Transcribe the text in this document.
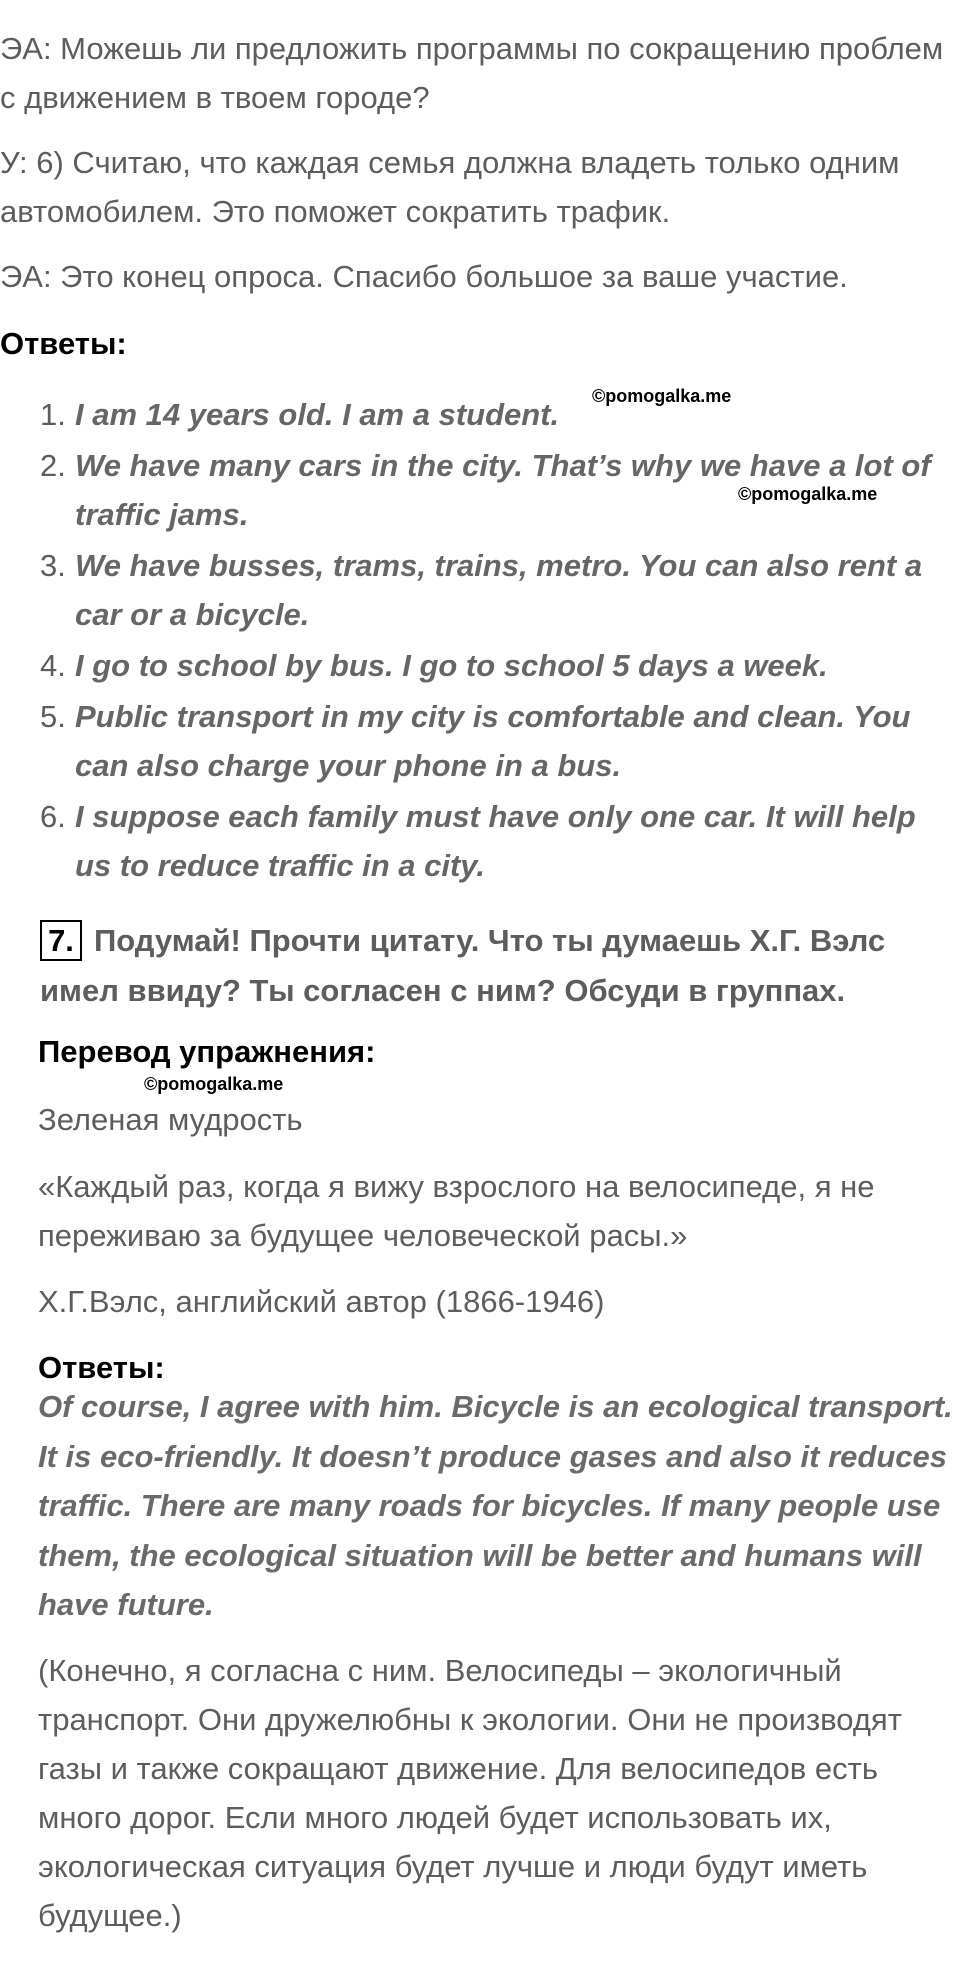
ЭА: Можешь ли предложить программы по сокращению проблем с движением в твоем городе?

У: 6) Считаю, что каждая семья должна владеть только одним автомобилем. Это поможет сократить трафик.

ЭА: Это конец опроса. Спасибо большое за ваше участие.

Ответы:
1. I am 14 years old. I am a student.
2. We have many cars in the city. That’s why we have a lot of traffic jams.
3. We have busses, trams, trains, metro. You can also rent a car or a bicycle.
4. I go to school by bus. I go to school 5 days a week.
5. Public transport in my city is comfortable and clean. You can also charge your phone in a bus.
6. I suppose each family must have only one car. It will help us to reduce traffic in a city.
©pomogalka.me
©pomogalka.me
7. Подумай! Прочти цитату. Что ты думаешь Х.Г. Вэлс имел ввиду? Ты согласен с ним? Обсуди в группах.
Перевод упражнения:
©pomogalka.me

Зеленая мудрость

«Каждый раз, когда я вижу взрослого на велосипеде, я не переживаю за будущее человеческой расы.»

Х.Г.Вэлс, английский автор (1866-1946)

Ответы:

Of course, I agree with him. Bicycle is an ecological transport. It is eco-friendly. It doesn’t produce gases and also it reduces traffic. There are many roads for bicycles. If many people use them, the ecological situation will be better and humans will have future.

(Конечно, я согласна с ним. Велосипеды – экологичный транспорт. Они дружелюбны к экологии. Они не производят газы и также сокращают движение. Для велосипедов есть много дорог. Если много людей будет использовать их, экологическая ситуация будет лучше и люди будут иметь будущее.)
